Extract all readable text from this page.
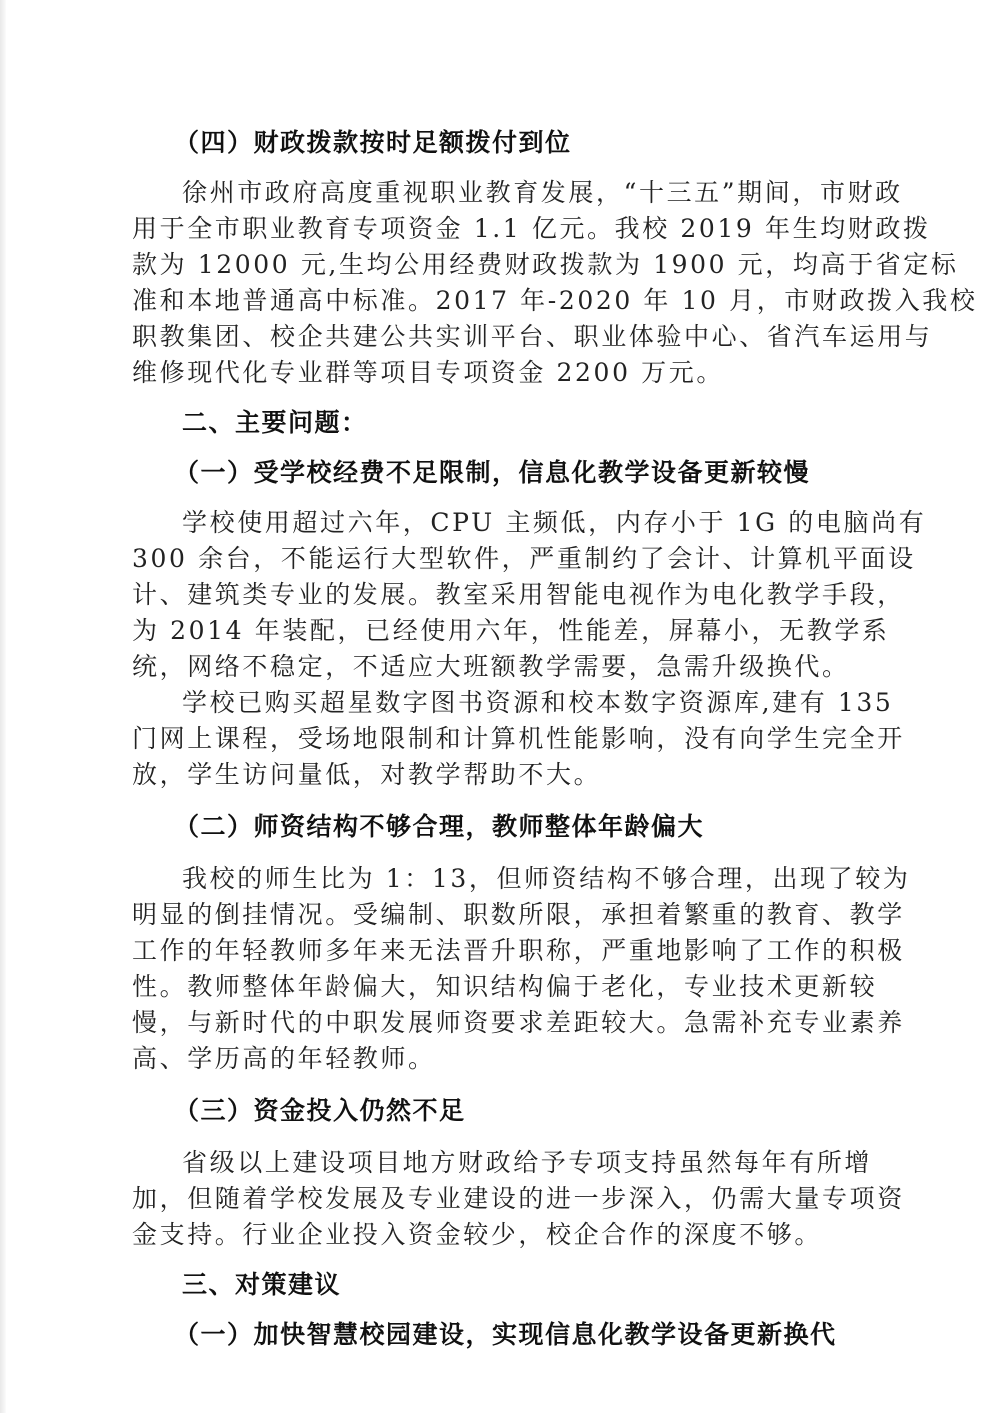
（四）财政拨款按时足额拨付到位
徐州市政府高度重视职业教育发展，“十三五”期间，市财政
用于全市职业教育专项资金 1.1 亿元。我校 2019 年生均财政拨
款为 12000 元,生均公用经费财政拨款为 1900 元，均高于省定标
准和本地普通高中标准。2017 年-2020 年 10 月，市财政拨入我校
职教集团、校企共建公共实训平台、职业体验中心、省汽车运用与
维修现代化专业群等项目专项资金 2200 万元。
二、主要问题：
（一）受学校经费不足限制，信息化教学设备更新较慢
学校使用超过六年，CPU 主频低，内存小于 1G 的电脑尚有
300 余台，不能运行大型软件，严重制约了会计、计算机平面设
计、建筑类专业的发展。教室采用智能电视作为电化教学手段，
为 2014 年装配，已经使用六年，性能差，屏幕小，无教学系
统，网络不稳定，不适应大班额教学需要，急需升级换代。
学校已购买超星数字图书资源和校本数字资源库,建有 135
门网上课程，受场地限制和计算机性能影响，没有向学生完全开
放，学生访问量低，对教学帮助不大。
（二）师资结构不够合理，教师整体年龄偏大
我校的师生比为 1：13，但师资结构不够合理，出现了较为
明显的倒挂情况。受编制、职数所限，承担着繁重的教育、教学
工作的年轻教师多年来无法晋升职称，严重地影响了工作的积极
性。教师整体年龄偏大，知识结构偏于老化，专业技术更新较
慢，与新时代的中职发展师资要求差距较大。急需补充专业素养
高、学历高的年轻教师。
（三）资金投入仍然不足
省级以上建设项目地方财政给予专项支持虽然每年有所增
加，但随着学校发展及专业建设的进一步深入，仍需大量专项资
金支持。行业企业投入资金较少，校企合作的深度不够。
三、对策建议
（一）加快智慧校园建设，实现信息化教学设备更新换代
